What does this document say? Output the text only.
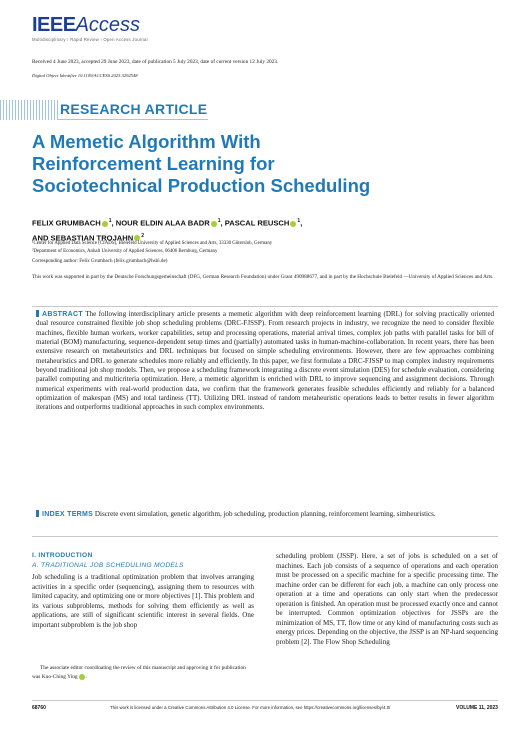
IEEEAccess
Multidisciplinary ⁝ Rapid Review ⁝ Open Access Journal
Received 4 June 2023, accepted 29 June 2023, date of publication 5 July 2023, date of current version 12 July 2023.
Digital Object Identifier 10.1109/ACCESS.2023.3292548
RESEARCH ARTICLE
A Memetic Algorithm With Reinforcement Learning for Sociotechnical Production Scheduling
FELIX GRUMBACH $^1$, NOUR ELDIN ALAA BADR $^1$, PASCAL REUSCH $^1$,
AND SEBASTIAN TROJAHN $^2$
¹Center for Applied Data Science (CfADS), Bielefeld University of Applied Sciences and Arts, 33330 Gütersloh, Germany
²Department of Economics, Anhalt University of Applied Sciences, 06406 Bernburg, Germany
Corresponding author: Felix Grumbach (felix.grumbach@hsbi.de)
This work was supported in part by the Deutsche Forschungsgemeinschaft (DFG, German Research Foundation) under Grant 490988677, and in part by the Hochschule Bielefeld —University of Applied Sciences and Arts.
ABSTRACT The following interdisciplinary article presents a memetic algorithm with deep reinforcement learning (DRL) for solving practically oriented dual resource constrained flexible job shop scheduling problems (DRC-FJSSP). From research projects in industry, we recognize the need to consider flexible machines, flexible human workers, worker capabilities, setup and processing operations, material arrival times, complex job paths with parallel tasks for bill of material (BOM) manufacturing, sequence-dependent setup times and (partially) automated tasks in human-machine-collaboration. In recent years, there has been extensive research on metaheuristics and DRL techniques but focused on simple scheduling environments. However, there are few approaches combining metaheuristics and DRL to generate schedules more reliably and efficiently. In this paper, we first formulate a DRC-FJSSP to map complex industry requirements beyond traditional job shop models. Then, we propose a scheduling framework integrating a discrete event simulation (DES) for schedule evaluation, considering parallel computing and multicriteria optimization. Here, a memetic algorithm is enriched with DRL to improve sequencing and assignment decisions. Through numerical experiments with real-world production data, we confirm that the framework generates feasible schedules efficiently and reliably for a balanced optimization of makespan (MS) and total tardiness (TT). Utilizing DRL instead of random metaheuristic operations leads to better results in fewer algorithm iterations and outperforms traditional approaches in such complex environments.
INDEX TERMS Discrete event simulation, genetic algorithm, job scheduling, production planning, reinforcement learning, simheuristics.
I. INTRODUCTION
A. TRADITIONAL JOB SCHEDULING MODELS
Job scheduling is a traditional optimization problem that involves arranging activities in a specific order (sequencing), assigning them to resources with limited capacity, and optimizing one or more objectives [1]. This problem and its various subproblems, methods for solving them efficiently as well as applications, are still of significant scientific interest in several fields. One important subproblem is the job shop
The associate editor coordinating the review of this manuscript and approving it for publication was Kuo-Ching Ying .
scheduling problem (JSSP). Here, a set of jobs is scheduled on a set of machines. Each job consists of a sequence of operations and each operation must be processed on a specific machine for a specific processing time. The machine order can be different for each job, a machine can only process one operation at a time and operations can only start when the predecessor operation is finished. An operation must be processed exactly once and cannot be interrupted. Common optimization objectives for JSSPs are the minimization of MS, TT, flow time or any kind of manufacturing costs such as energy prices. Depending on the objective, the JSSP is an NP-hard sequencing problem [2]. The Flow Shop Scheduling
68760	This work is licensed under a Creative Commons Attribution 4.0 License. For more information, see https://creativecommons.org/licenses/by/4.0/	VOLUME 11, 2023
